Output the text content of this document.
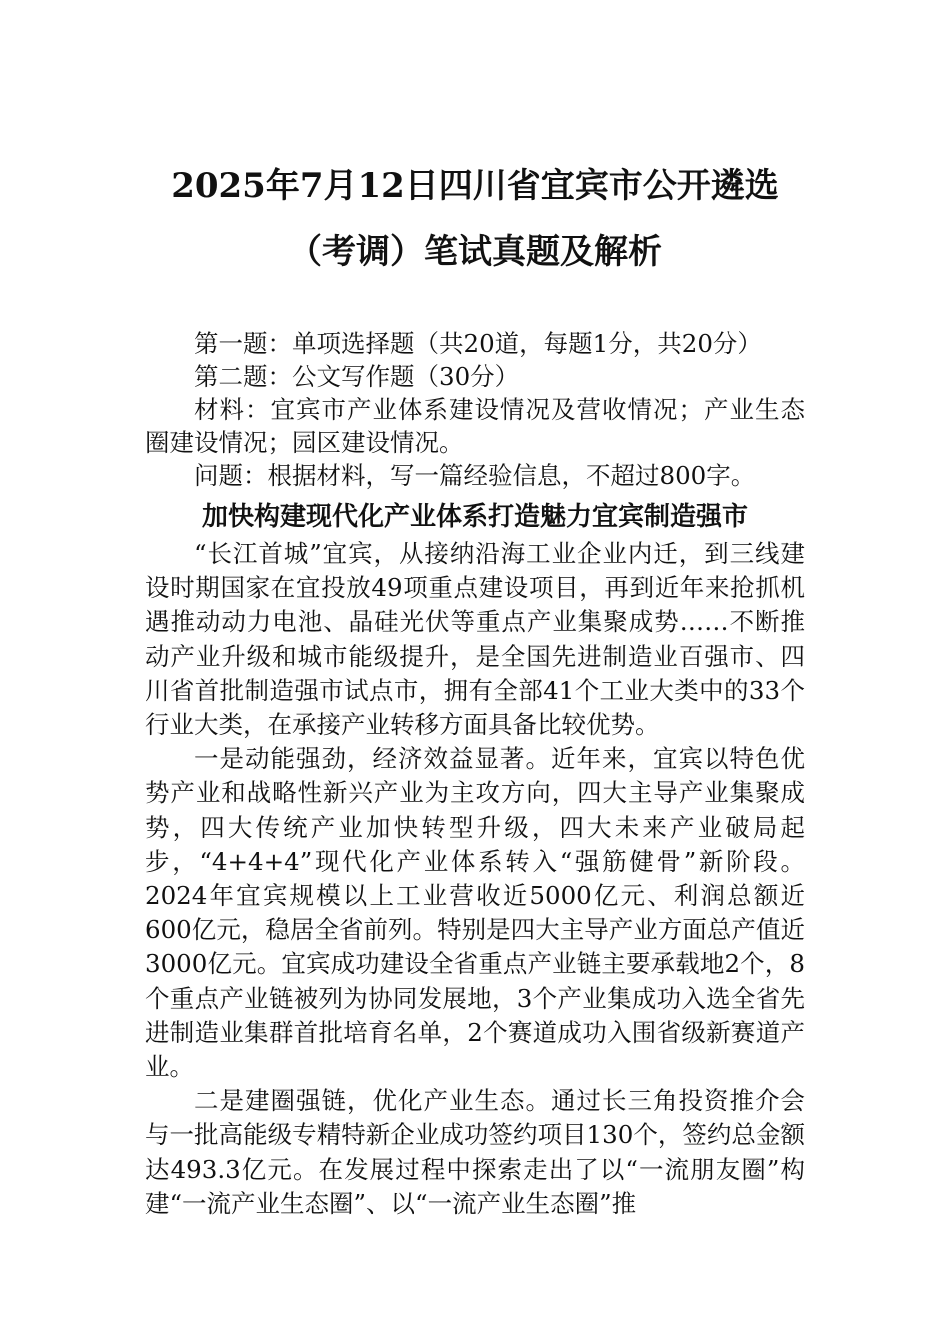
2025年7月12日四川省宜宾市公开遴选
（考调）笔试真题及解析

第一题：单项选择题（共20道，每题1分，共20分）

第二题：公文写作题（30分）

材料：宜宾市产业体系建设情况及营收情况；产业生态圈建设情况；园区建设情况。

问题：根据材料，写一篇经验信息，不超过800字。

加快构建现代化产业体系打造魅力宜宾制造强市

“长江首城”宜宾，从接纳沿海工业企业内迁，到三线建设时期国家在宜投放49项重点建设项目，再到近年来抢抓机遇推动动力电池、晶硅光伏等重点产业集聚成势……不断推动产业升级和城市能级提升，是全国先进制造业百强市、四川省首批制造强市试点市，拥有全部41个工业大类中的33个行业大类，在承接产业转移方面具备比较优势。

一是动能强劲，经济效益显著。近年来，宜宾以特色优势产业和战略性新兴产业为主攻方向，四大主导产业集聚成势，四大传统产业加快转型升级，四大未来产业破局起步，“4+4+4”现代化产业体系转入“强筋健骨”新阶段。2024年宜宾规模以上工业营收近5000亿元、利润总额近600亿元，稳居全省前列。特别是四大主导产业方面总产值近3000亿元。宜宾成功建设全省重点产业链主要承载地2个，8个重点产业链被列为协同发展地，3个产业集成功入选全省先进制造业集群首批培育名单，2个赛道成功入围省级新赛道产业。

二是建圈强链，优化产业生态。通过长三角投资推介会与一批高能级专精特新企业成功签约项目130个，签约总金额达493.3亿元。在发展过程中探索走出了以“一流朋友圈”构建“一流产业生态圈”、以“一流产业生态圈”推
